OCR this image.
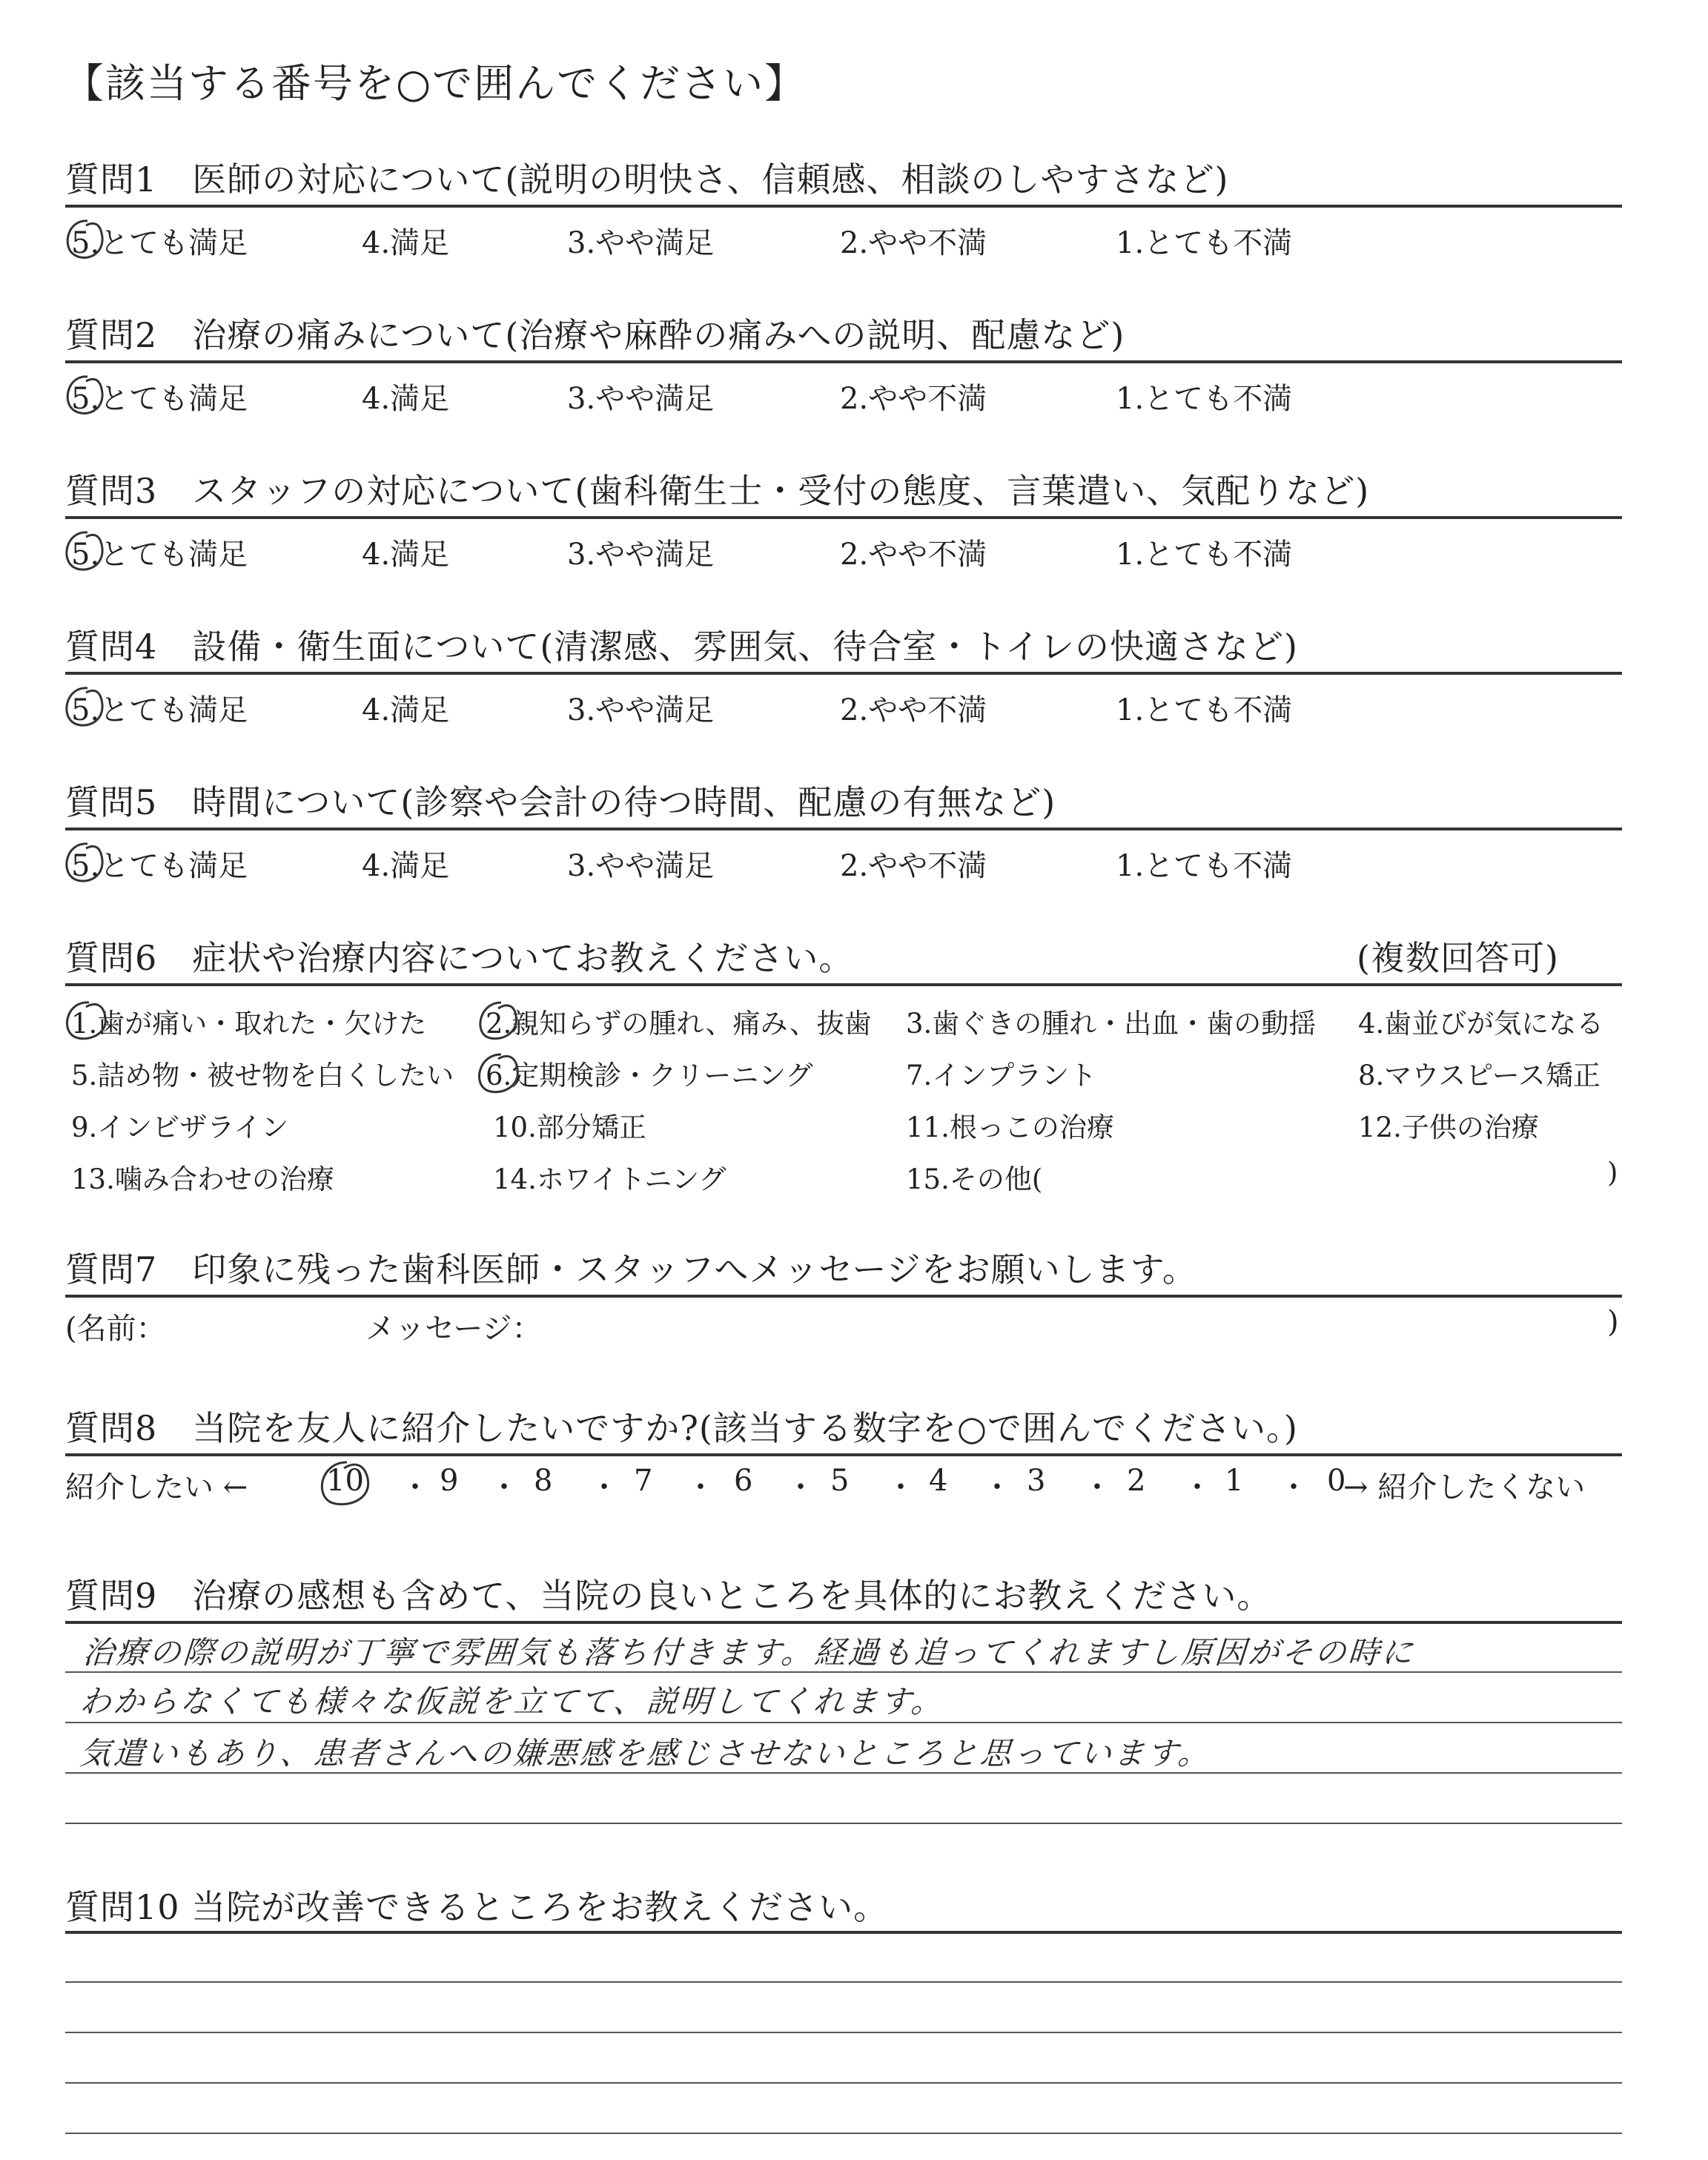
【該当する番号を○で囲んでください】
質問1　医師の対応について(説明の明快さ、信頼感、相談のしやすさなど)
5.とても満足	4.満足	3.やや満足	2.やや不満	1.とても不満
質問2　治療の痛みについて(治療や麻酔の痛みへの説明、配慮など)
5.とても満足	4.満足	3.やや満足	2.やや不満	1.とても不満
質問3　スタッフの対応について(歯科衛生士・受付の態度、言葉遣い、気配りなど)
5.とても満足	4.満足	3.やや満足	2.やや不満	1.とても不満
質問4　設備・衛生面について(清潔感、雰囲気、待合室・トイレの快適さなど)
5.とても満足	4.満足	3.やや満足	2.やや不満	1.とても不満
質問5　時間について(診察や会計の待つ時間、配慮の有無など)
5.とても満足	4.満足	3.やや満足	2.やや不満	1.とても不満
質問6　症状や治療内容についてお教えください。	(複数回答可)
1.歯が痛い・取れた・欠けた 2.親知らずの腫れ、痛み、抜歯 3.歯ぐきの腫れ・出血・歯の動揺 4.歯並びが気になる
5.詰め物・被せ物を白くしたい 6.定期検診・クリーニング	7.インプラント	8.マウスピース矯正
9.インビザライン	10.部分矯正	11.根っこの治療	12.子供の治療
13.噛み合わせの治療	14.ホワイトニング	15.その他(	)
質問7　印象に残った歯科医師・スタッフへメッセージをお願いします。
(名前：	メッセージ：	)
質問8　当院を友人に紹介したいですか?(該当する数字を○で囲んでください。)
紹介したい ←	10 ・ 9 ・ 8 ・ 7 ・ 6 ・ 5 ・ 4 ・ 3 ・ 2 ・ 1 ・ 0
→ 紹介したくない
質問9　治療の感想も含めて、当院の良いところを具体的にお教えください。
治療の際の説明が丁寧で雰囲気も落ち付きます。経過も追ってくれますし原因がその時に
わからなくても様々な仮説を立てて、説明してくれます。
気遣いもあり、患者さんへの嫌悪感を感じさせないところと思っています。
質問10 当院が改善できるところをお教えください。
